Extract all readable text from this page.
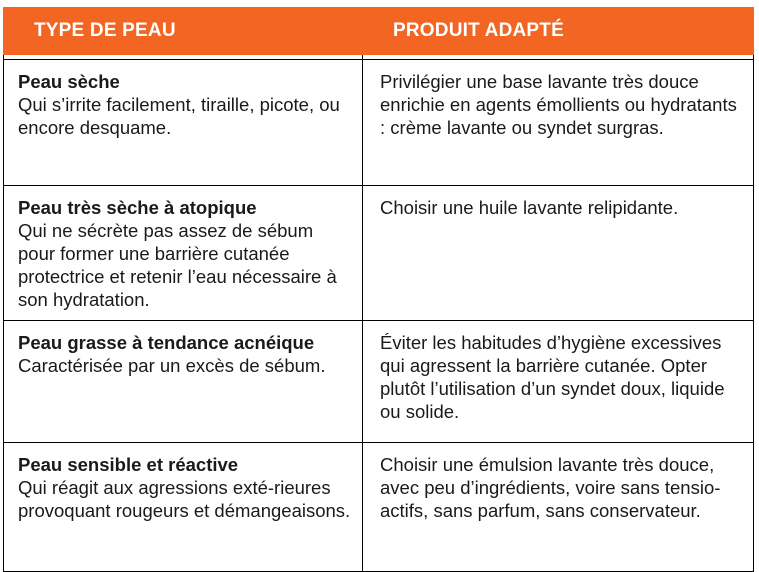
TYPE DE PEAU	PRODUIT ADAPTÉ

Peau sèche
Qui s’irrite facilement, tiraille, picote, ou encore desquame.	Privilégier une base lavante très douce enrichie en agents émollients ou hydratants : crème lavante ou syndet surgras.

Peau très sèche à atopique
Qui ne sécrète pas assez de sébum pour former une barrière cutanée protectrice et retenir l’eau nécessaire à son hydratation.	Choisir une huile lavante relipidante.

Peau grasse à tendance acnéique
Caractérisée par un excès de sébum.	Éviter les habitudes d’hygiène excessives qui agressent la barrière cutanée. Opter plutôt l’utilisation d’un syndet doux, liquide ou solide.

Peau sensible et réactive
Qui réagit aux agressions exté-rieures provoquant rougeurs et démangeaisons.	Choisir une émulsion lavante très douce, avec peu d’ingrédients, voire sans tensio-actifs, sans parfum, sans conservateur.
